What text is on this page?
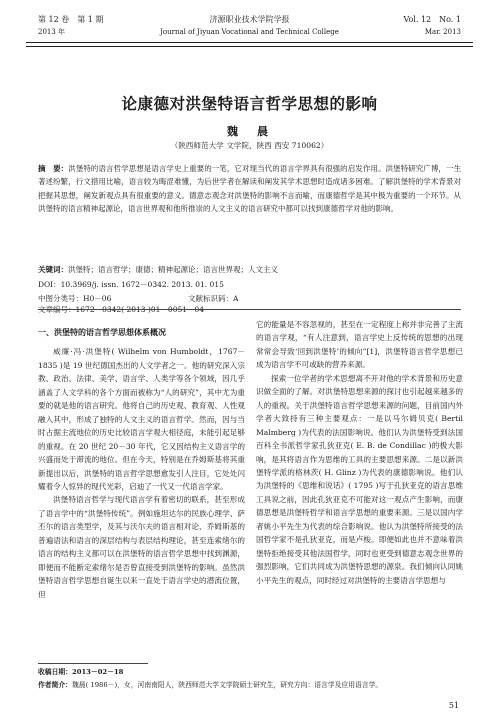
第 12 卷　第 1 期	济源职业技术学院学报	Vol. 12　No. 1
2013 年	Journal of Jiyuan Vocational and Technical College	Mar. 2013
论康德对洪堡特语言哲学思想的影响
魏　晨
（陕西师范大学 文学院，陕西 西安 710062）
摘　要：洪堡特的语言哲学思想是语言学史上重要的一笔，它对现当代的语言学界具有很强的启发作用。洪堡特研究广博，一生著述纷繁，行文措用比喻，语言较为晦涩难懂，为后世学者在解读和阐发其学术思想时造成诸多困难。了解洪堡特的学术背景对把握其思想，阐发新观点具有很重要的意义。德意志观念对洪堡特的影响不言而喻，而康德哲学是其中极为重要的一个环节。从洪堡特的语言精神起源论，语言世界观和他所推崇的人文主义的语言研究中都可以找到康德哲学对他的影响。
关键词：洪堡特；语言哲学；康德；精神起源论；语言世界观；人文主义
DOI：10.3969/j. issn. 1672－0342. 2013. 01. 015
中图分类号：H0－06	文献标识码：A文章编号：1672－0342( 2013 )01－0051－04

一、洪堡特的语言哲学思想体系概况

威廉·冯·洪堡特( Wilhelm von Humboldt，1767－1835 )是 19 世纪德国杰出的人文学者之一。他的研究深入宗教、政治、法律、美学、语言学、人类学等各个领域，因几乎涵盖了人文学科的各个方面而被称为“人的研究”，其中尤为重要的就是他的语言研究。他将自己的历史观、教育观、人性观融入其中，形成了独特的人文主义的语言哲学。然而，因与当时占据主流地位的历史比较语言学观大相径庭，未能引起足够的重视。在 20 世纪 20－30 年代，它又因结构主义语言学的兴盛而处于滞流的地位。但在今天，特别是在乔姆斯基将其重新提出以后，洪堡特的语言哲学思想愈发引人注目，它处处闪耀着令人惊异的现代光彩，启迪了一代又一代语言学家。

洪堡特语言哲学与现代语言学有着密切的联系，甚至形成了语言学中的“洪堡特传统”。例如施坦达尔的民族心理学、萨丕尔的语言类型学，及其与沃尔夫的语言相对论、乔姆斯基的普遍语法和语言的深层结构与表层结构理论，甚至连索绪尔的语言的结构主义都可以在洪堡特的语言哲学思想中找到渊源，即便而不能断定索绪尔是否曾直接受到洪堡特的影响。虽然洪堡特语言哲学思想自诞生以来一直处于语言学史的潜流位置，但

它的能量是不容忽视的，甚至在一定程度上称并非完善了主流的语言学观，“有人注意到，语言学史上反传统的思想的出现常常会导致‘回到洪堡特’的倾向”[1]，洪堡特语言哲学思想已成为语言学不可或缺的营养来源。

探索一位学者的学术思想离不开对他的学术背景和历史意识做全面的了解。对洪堡特思想来源的探讨也引起越来越多的人的重视。关于洪堡特语言哲学思想来源的问题，目前国内外学者大致持有三种主要观点：一是以马尔姆贝克( Bertil Malmberg )为代表的法国影响说。他们认为洪堡特受到法国百科全书派哲学家孔狄亚克( E. B. de Condillac )的极大影响，是其将语言作为思维的工具的主要思想来源。二是以新洪堡特学派的格林茨( H. Glinz )为代表的康德影响说。他们认为洪堡特的《思维和说话》( 1795 )写于孔狄亚克的语言思维工具说之前，因此孔狄亚克不可能对这一观点产生影响，而康德思想是洪堡特哲学和语言学思想的重要来源。三是以国内学者姚小平先生为代表的综合影响说。他认为洪堡特所接受的法国哲学家不是孔狄亚克，而是卢梭。即便如此也并不意味着洪堡特拒绝接受其他法国哲学，同时也更受到德意志观念世界的强烈影响，它们共同成为洪堡特思想的源泉。我们倾向认同姚小平先生的观点，同时经过对洪堡特的主要语言学思想与

收稿日期：2013－02－18
作者简介：魏晨( 1986－)，女，河南南阳人，陕西师范大学文学院硕士研究生，研究方向：语言学及应用语言学。
51
